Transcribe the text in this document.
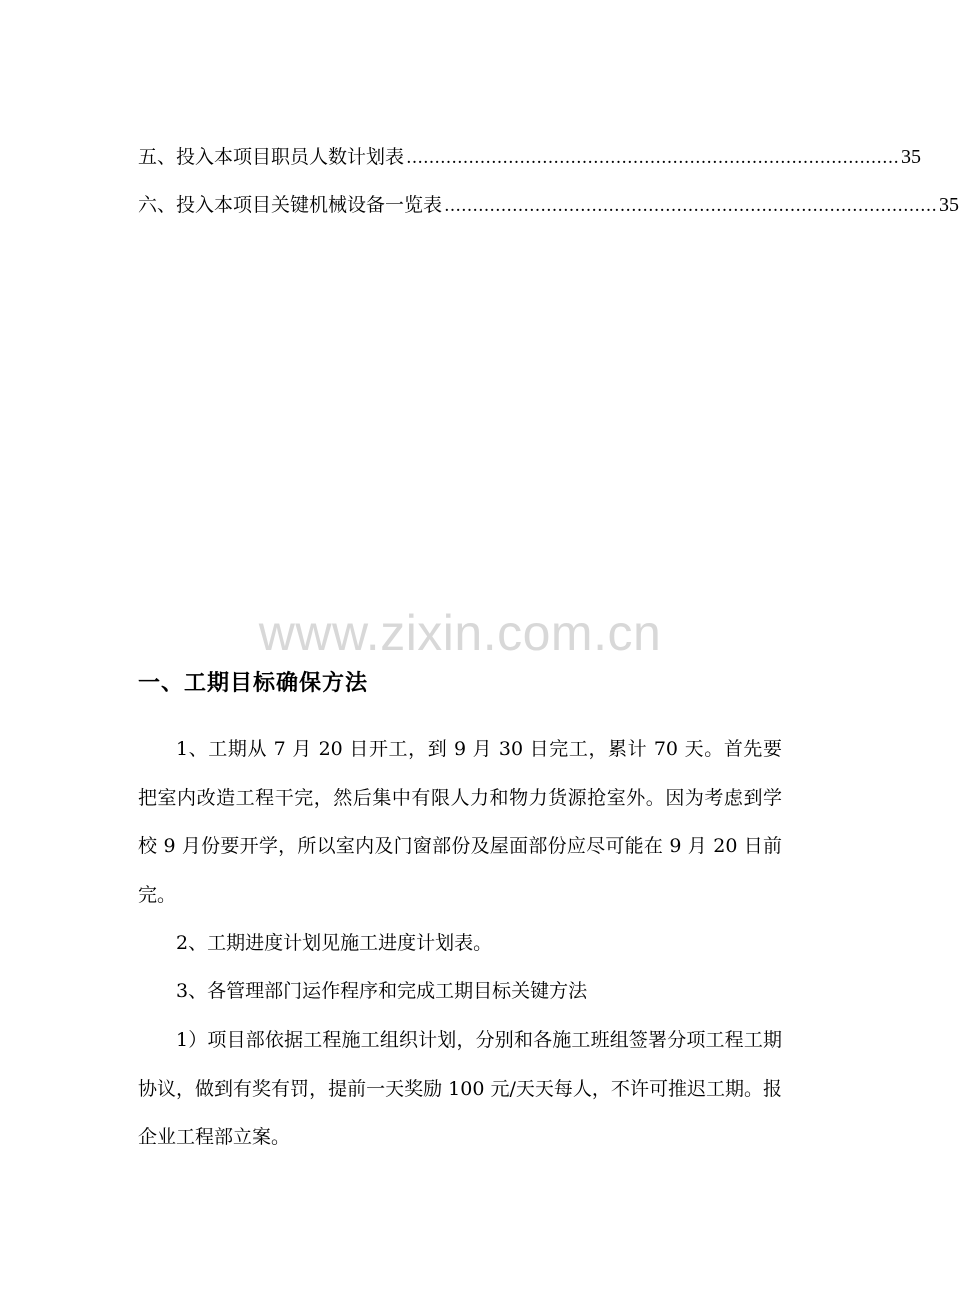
五、投入本项目职员人数计划表 …………………………………………………………………………… 35
六、投入本项目关键机械设备一览表 …………………………………………………………………………… 35
www.zixin.com.cn
一、工期目标确保方法
1、工期从 7 月 20 日开工，到 9 月 30 日完工，累计 70 天。首先要把室内改造工程干完，然后集中有限人力和物力货源抢室外。因为考虑到学校 9 月份要开学，所以室内及门窗部份及屋面部份应尽可能在 9 月 20 日前完。
2、工期进度计划见施工进度计划表。
3、各管理部门运作程序和完成工期目标关键方法
1）项目部依据工程施工组织计划，分别和各施工班组签署分项工程工期协议，做到有奖有罚，提前一天奖励 100 元/天天每人，不许可推迟工期。报企业工程部立案。
